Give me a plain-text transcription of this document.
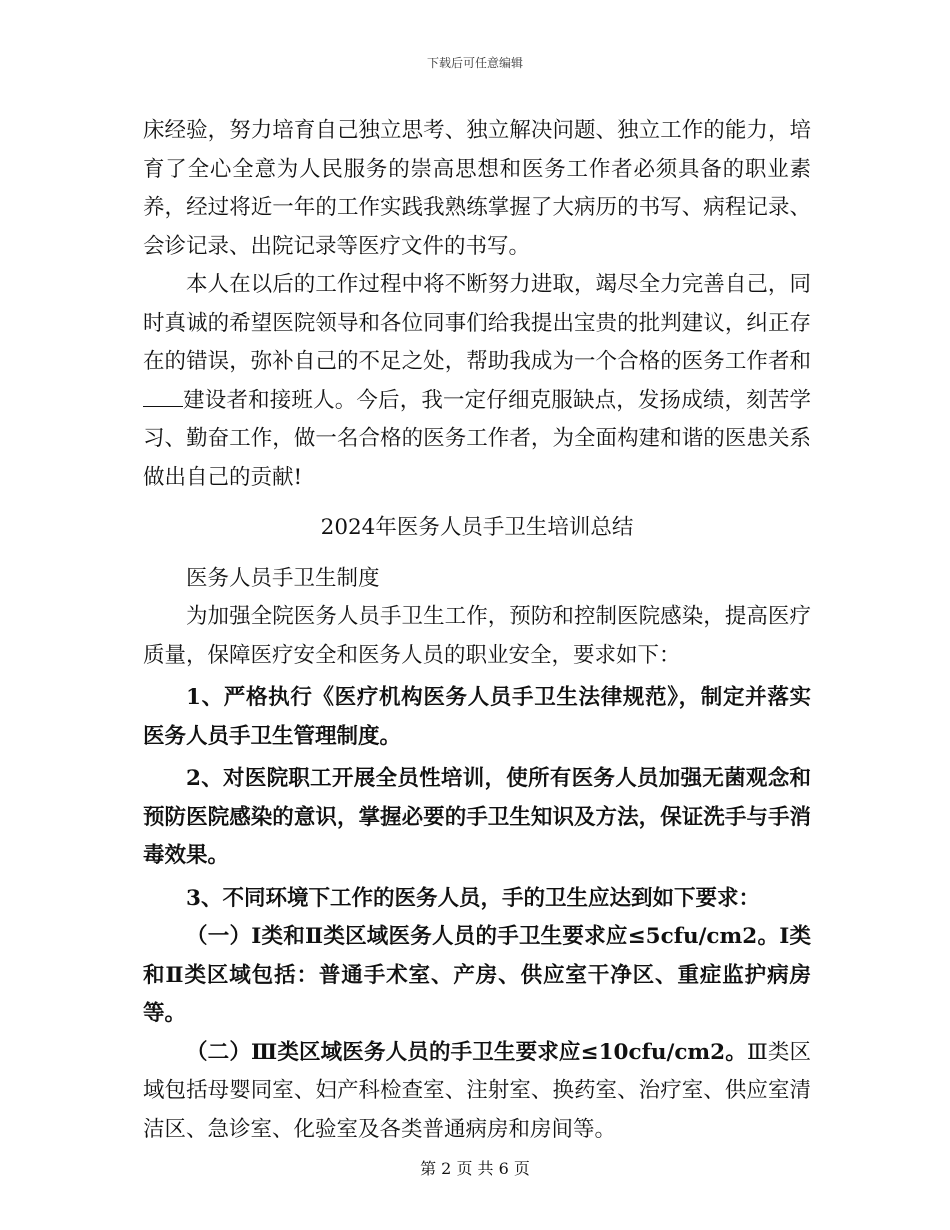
下载后可任意编辑

床经验，努力培育自己独立思考、独立解决问题、独立工作的能力，培育了全心全意为人民服务的崇高思想和医务工作者必须具备的职业素养，经过将近一年的工作实践我熟练掌握了大病历的书写、病程记录、会诊记录、出院记录等医疗文件的书写。

本人在以后的工作过程中将不断努力进取，竭尽全力完善自己，同时真诚的希望医院领导和各位同事们给我提出宝贵的批判建议，纠正存在的错误，弥补自己的不足之处，帮助我成为一个合格的医务工作者和建设者和接班人。今后，我一定仔细克服缺点，发扬成绩，刻苦学习、勤奋工作，做一名合格的医务工作者，为全面构建和谐的医患关系做出自己的贡献!

2024年医务人员手卫生培训总结

医务人员手卫生制度

为加强全院医务人员手卫生工作，预防和控制医院感染，提高医疗质量，保障医疗安全和医务人员的职业安全，要求如下：

1、严格执行《医疗机构医务人员手卫生法律规范》，制定并落实医务人员手卫生管理制度。

2、对医院职工开展全员性培训，使所有医务人员加强无菌观念和预防医院感染的意识，掌握必要的手卫生知识及方法，保证洗手与手消毒效果。

3、不同环境下工作的医务人员，手的卫生应达到如下要求：

（一）Ⅰ类和Ⅱ类区域医务人员的手卫生要求应≤5cfu/cm2。Ⅰ类和Ⅱ类区域包括：普通手术室、产房、供应室干净区、重症监护病房等。

（二）Ⅲ类区域医务人员的手卫生要求应≤10cfu/cm2。Ⅲ类区域包括母婴同室、妇产科检查室、注射室、换药室、治疗室、供应室清洁区、急诊室、化验室及各类普通病房和房间等。

第 2 页 共 6 页
